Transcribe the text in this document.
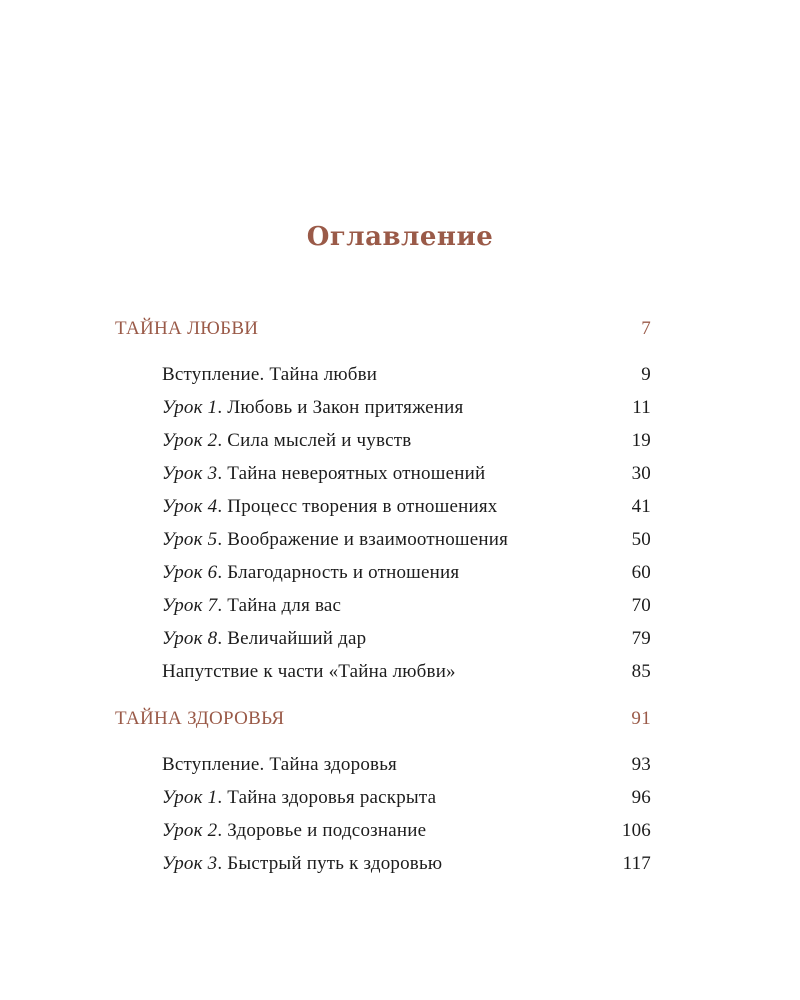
Оглавление
ТАЙНА ЛЮБВИ	7
Вступление. Тайна любви	9
Урок 1. Любовь и Закон притяжения	11
Урок 2. Сила мыслей и чувств	19
Урок 3. Тайна невероятных отношений	30
Урок 4. Процесс творения в отношениях	41
Урок 5. Воображение и взаимоотношения	50
Урок 6. Благодарность и отношения	60
Урок 7. Тайна для вас	70
Урок 8. Величайший дар	79
Напутствие к части «Тайна любви»	85
ТАЙНА ЗДОРОВЬЯ	91
Вступление. Тайна здоровья	93
Урок 1. Тайна здоровья раскрыта	96
Урок 2. Здоровье и подсознание	106
Урок 3. Быстрый путь к здоровью	117
